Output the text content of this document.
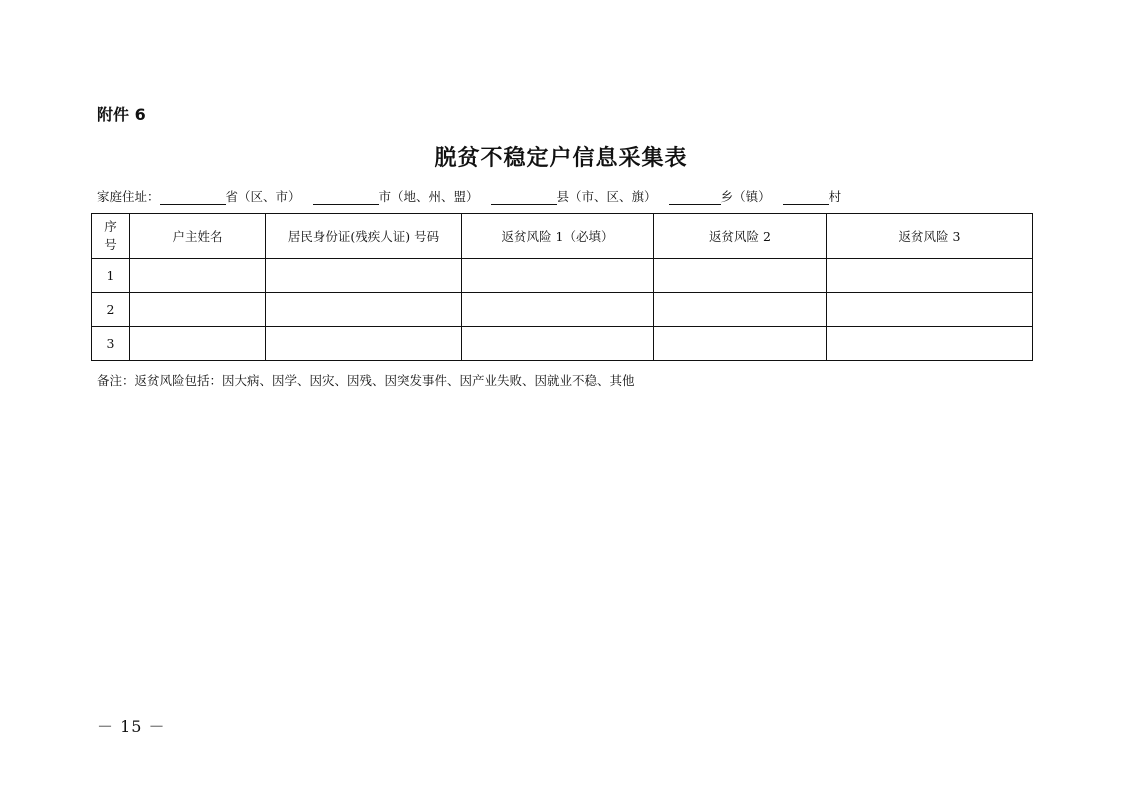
附件 6
脱贫不稳定户信息采集表
家庭住址：	省（区、市）	市（地、州、盟）	县（市、区、旗）	乡（镇）	村
序
号	户主姓名	居民身份证(残疾人证) 号码	返贫风险 1（必填）	返贫风险 2	返贫风险 3
1					
2					
3					
备注：返贫风险包括：因大病、因学、因灾、因残、因突发事件、因产业失败、因就业不稳、其他
－ 15 －
